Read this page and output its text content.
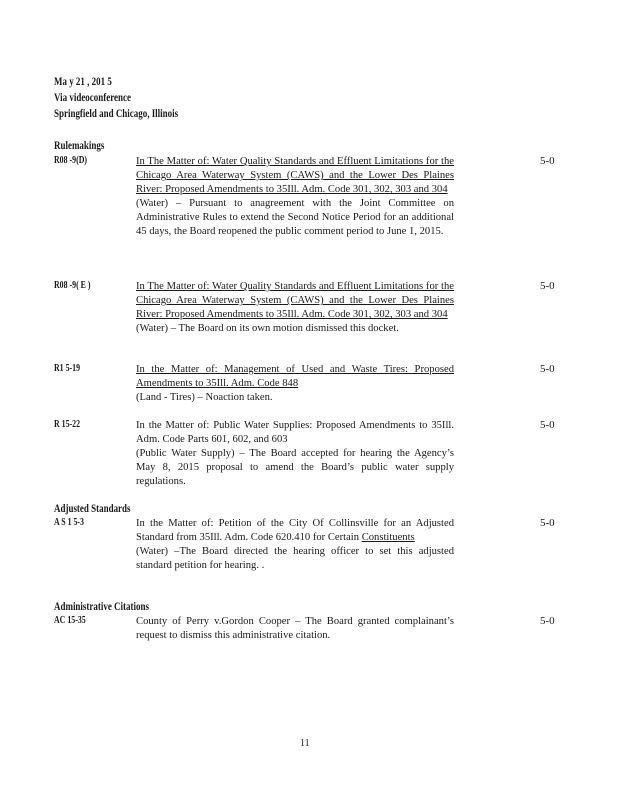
Ma y 21 , 201 5
Via videoconference
Springfield and Chicago, Illinois
Rulemakings
R08 -9(D)	In The Matter of: Water Quality Standards and Effluent Limitations for the Chicago Area Waterway System (CAWS) and the Lower Des Plaines River: Proposed Amendments to 35Ill. Adm. Code 301, 302, 303 and 304

(Water) – Pursuant to anagreement with the Joint Committee on Administrative Rules to extend the Second Notice Period for an additional 45 days, the Board reopened the public comment period to June 1, 2015.

5-0
R08 -9( E )	In The Matter of: Water Quality Standards and Effluent Limitations for the Chicago Area Waterway System (CAWS) and the Lower Des Plaines River: Proposed Amendments to 35Ill. Adm. Code 301, 302, 303 and 304

(Water) – The Board on its own motion dismissed this docket.

5-0
R1 5-19	In the Matter of: Management of Used and Waste Tires: Proposed Amendments to 35Ill. Adm. Code 848

(Land - Tires) – Noaction taken.

5-0
R 15-22	In the Matter of: Public Water Supplies: Proposed Amendments to 35Ill. Adm. Code Parts 601, 602, and 603

(Public Water Supply) – The Board accepted for hearing the Agency’s May 8, 2015 proposal to amend the Board’s public water supply regulations.

5-0
Adjusted Standards
A S 1 5-3	In the Matter of: Petition of the City Of Collinsville for an Adjusted Standard from 35Ill. Adm. Code 620.410 for Certain Constituents

(Water) –The Board directed the hearing officer to set this adjusted standard petition for hearing. .

5-0
Administrative Citations
AC 15-35	County of Perry v.Gordon Cooper – The Board granted complainant’s request to dismiss this administrative citation.

5-0
11
